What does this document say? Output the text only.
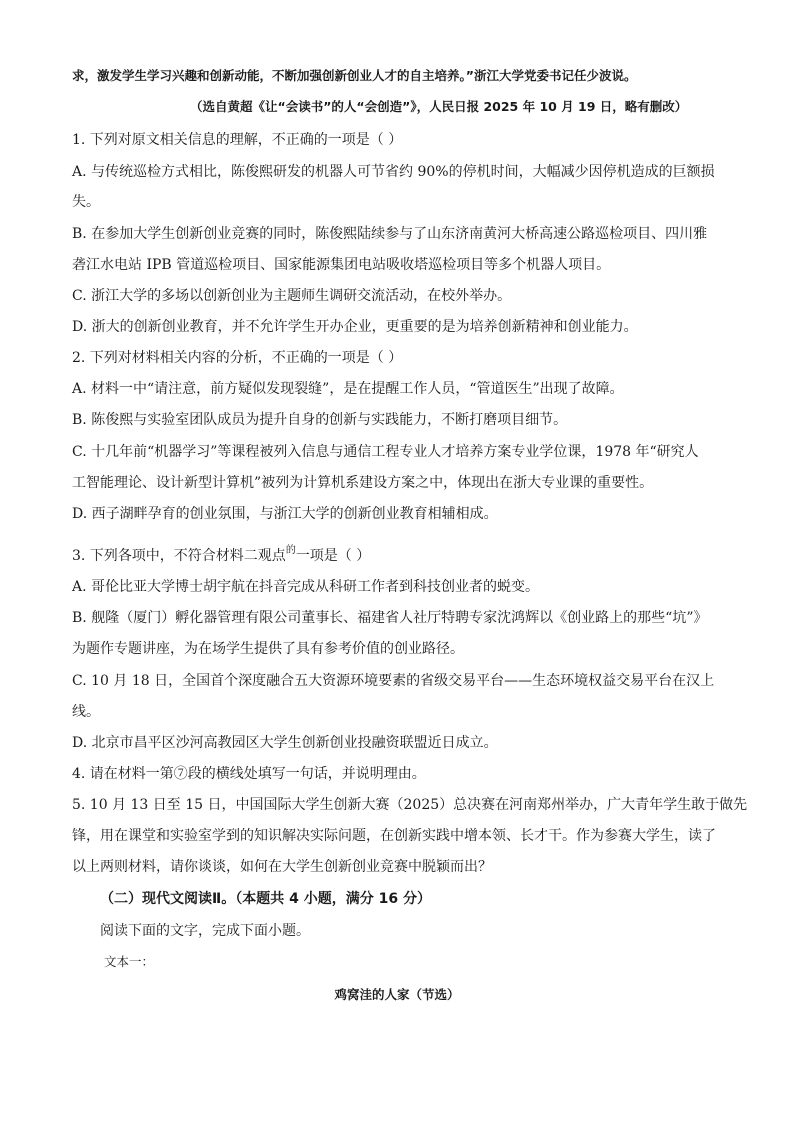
求，激发学生学习兴趣和创新动能，不断加强创新创业人才的自主培养。”浙江大学党委书记任少波说。
（选自黄超《让“会读书”的人“会创造”》，人民日报 2025 年 10 月 19 日，略有删改）
1. 下列对原文相关信息的理解，不正确的一项是（ ）
A. 与传统巡检方式相比，陈俊熙研发的机器人可节省约 90%的停机时间，大幅减少因停机造成的巨额损
失。
B. 在参加大学生创新创业竞赛的同时，陈俊熙陆续参与了山东济南黄河大桥高速公路巡检项目、四川雅
砻江水电站 IPB 管道巡检项目、国家能源集团电站吸收塔巡检项目等多个机器人项目。
C. 浙江大学的多场以创新创业为主题师生调研交流活动，在校外举办。
D. 浙大的创新创业教育，并不允许学生开办企业，更重要的是为培养创新精神和创业能力。
2. 下列对材料相关内容的分析，不正确的一项是（ ）
A. 材料一中“请注意，前方疑似发现裂缝”，是在提醒工作人员，“管道医生”出现了故障。
B. 陈俊熙与实验室团队成员为提升自身的创新与实践能力，不断打磨项目细节。
C. 十几年前“机器学习”等课程被列入信息与通信工程专业人才培养方案专业学位课，1978 年“研究人
工智能理论、设计新型计算机”被列为计算机系建设方案之中，体现出在浙大专业课的重要性。
D. 西子湖畔孕育的创业氛围，与浙江大学的创新创业教育相辅相成。
3. 下列各项中，不符合材料二观点$^的$一项是（ ）
A. 哥伦比亚大学博士胡宇航在抖音完成从科研工作者到科技创业者的蜕变。
B. 舰隆（厦门）孵化器管理有限公司董事长、福建省人社厅特聘专家沈鸿辉以《创业路上的那些“坑”》
为题作专题讲座，为在场学生提供了具有参考价值的创业路径。
C. 10 月 18 日，全国首个深度融合五大资源环境要素的省级交易平台——生态环境权益交易平台在汉上
线。
D. 北京市昌平区沙河高教园区大学生创新创业投融资联盟近日成立。
4. 请在材料一第⑦段的横线处填写一句话，并说明理由。
5. 10 月 13 日至 15 日，中国国际大学生创新大赛（2025）总决赛在河南郑州举办，广大青年学生敢于做先
锋，用在课堂和实验室学到的知识解决实际问题，在创新实践中增本领、长才干。作为参赛大学生，读了
以上两则材料，请你谈谈，如何在大学生创新创业竞赛中脱颖而出？
（二）现代文阅读Ⅱ。（本题共 4 小题，满分 16 分）
阅读下面的文字，完成下面小题。
文本一：
鸡窝洼的人家（节选）
